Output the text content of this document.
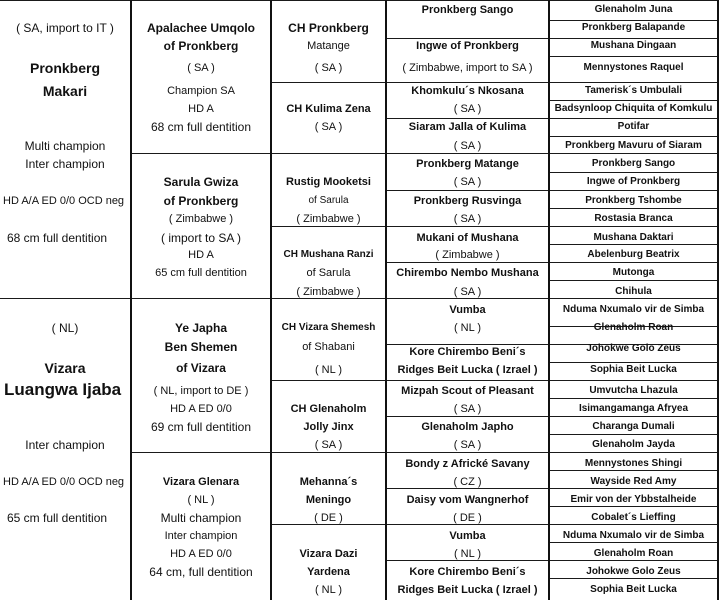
( SA, import to IT )
Pronkberg
Makari
Multi champion
Inter champion
HD A/A ED 0/0 OCD neg
68 cm full dentition
( NL)
Vizara
Luangwa Ijaba
Inter champion
HD A/A ED 0/0 OCD neg
65 cm full dentition
Apalachee Umqolo
of Pronkberg
( SA )
Champion SA
HD A
68 cm full dentition
Sarula Gwiza
of Pronkberg
( Zimbabwe )
( import to SA )
HD A
65 cm full dentition
Ye Japha
Ben Shemen
of Vizara
( NL, import to DE )
HD A ED 0/0
69 cm full dentition
Vizara Glenara
( NL )
Multi champion
Inter champion
HD A ED 0/0
64 cm, full dentition
CH Pronkberg
Matange
( SA )
CH Kulima Zena
( SA )
Rustig Mooketsi
of Sarula
( Zimbabwe )
CH Mushana Ranzi
of Sarula
( Zimbabwe )
CH Vizara Shemesh
of Shabani
( NL )
CH Glenaholm
Jolly Jinx
( SA )
Mehanna´s
Meningo
( DE )
Vizara Dazi
Yardena
( NL )
Pronkberg Sango
Ingwe of Pronkberg
( Zimbabwe, import to SA )
Khomkulu´s Nkosana
( SA )
Siaram Jalla of Kulima
( SA )
Pronkberg Matange
( SA )
Pronkberg Rusvinga
( SA )
Mukani of Mushana
( Zimbabwe )
Chirembo Nembo Mushana
( SA )
Vumba
( NL )
Kore Chirembo Beni´s
Ridges Beit Lucka ( Izrael )
Mizpah Scout of Pleasant
( SA )
Glenaholm Japho
( SA )
Bondy z Africké Savany
( CZ )
Daisy vom Wangnerhof
( DE )
Vumba
( NL )
Kore Chirembo Beni´s
Ridges Beit Lucka ( Izrael )
Glenaholm Juna
Pronkberg Balapande
Mushana Dingaan
Mennystones Raquel
Tamerisk´s Umbulali
Badsynloop Chiquita of Komkulu
Potifar
Pronkberg Mavuru of Siaram
Pronkberg Sango
Ingwe of Pronkberg
Pronkberg Tshombe
Rostasia Branca
Mushana Daktari
Abelenburg Beatrix
Mutonga
Chihula
Nduma Nxumalo vir de Simba
Glenaholm Roan
Johokwe Golo Zeus
Sophia Beit Lucka
Umvutcha Lhazula
Isimangamanga Afryea
Charanga Dumali
Glenaholm Jayda
Mennystones Shingi
Wayside Red Amy
Emir von der Ybbstalheide
Cobalet´s Lieffing
Nduma Nxumalo vir de Simba
Glenaholm Roan
Johokwe Golo Zeus
Sophia Beit Lucka
